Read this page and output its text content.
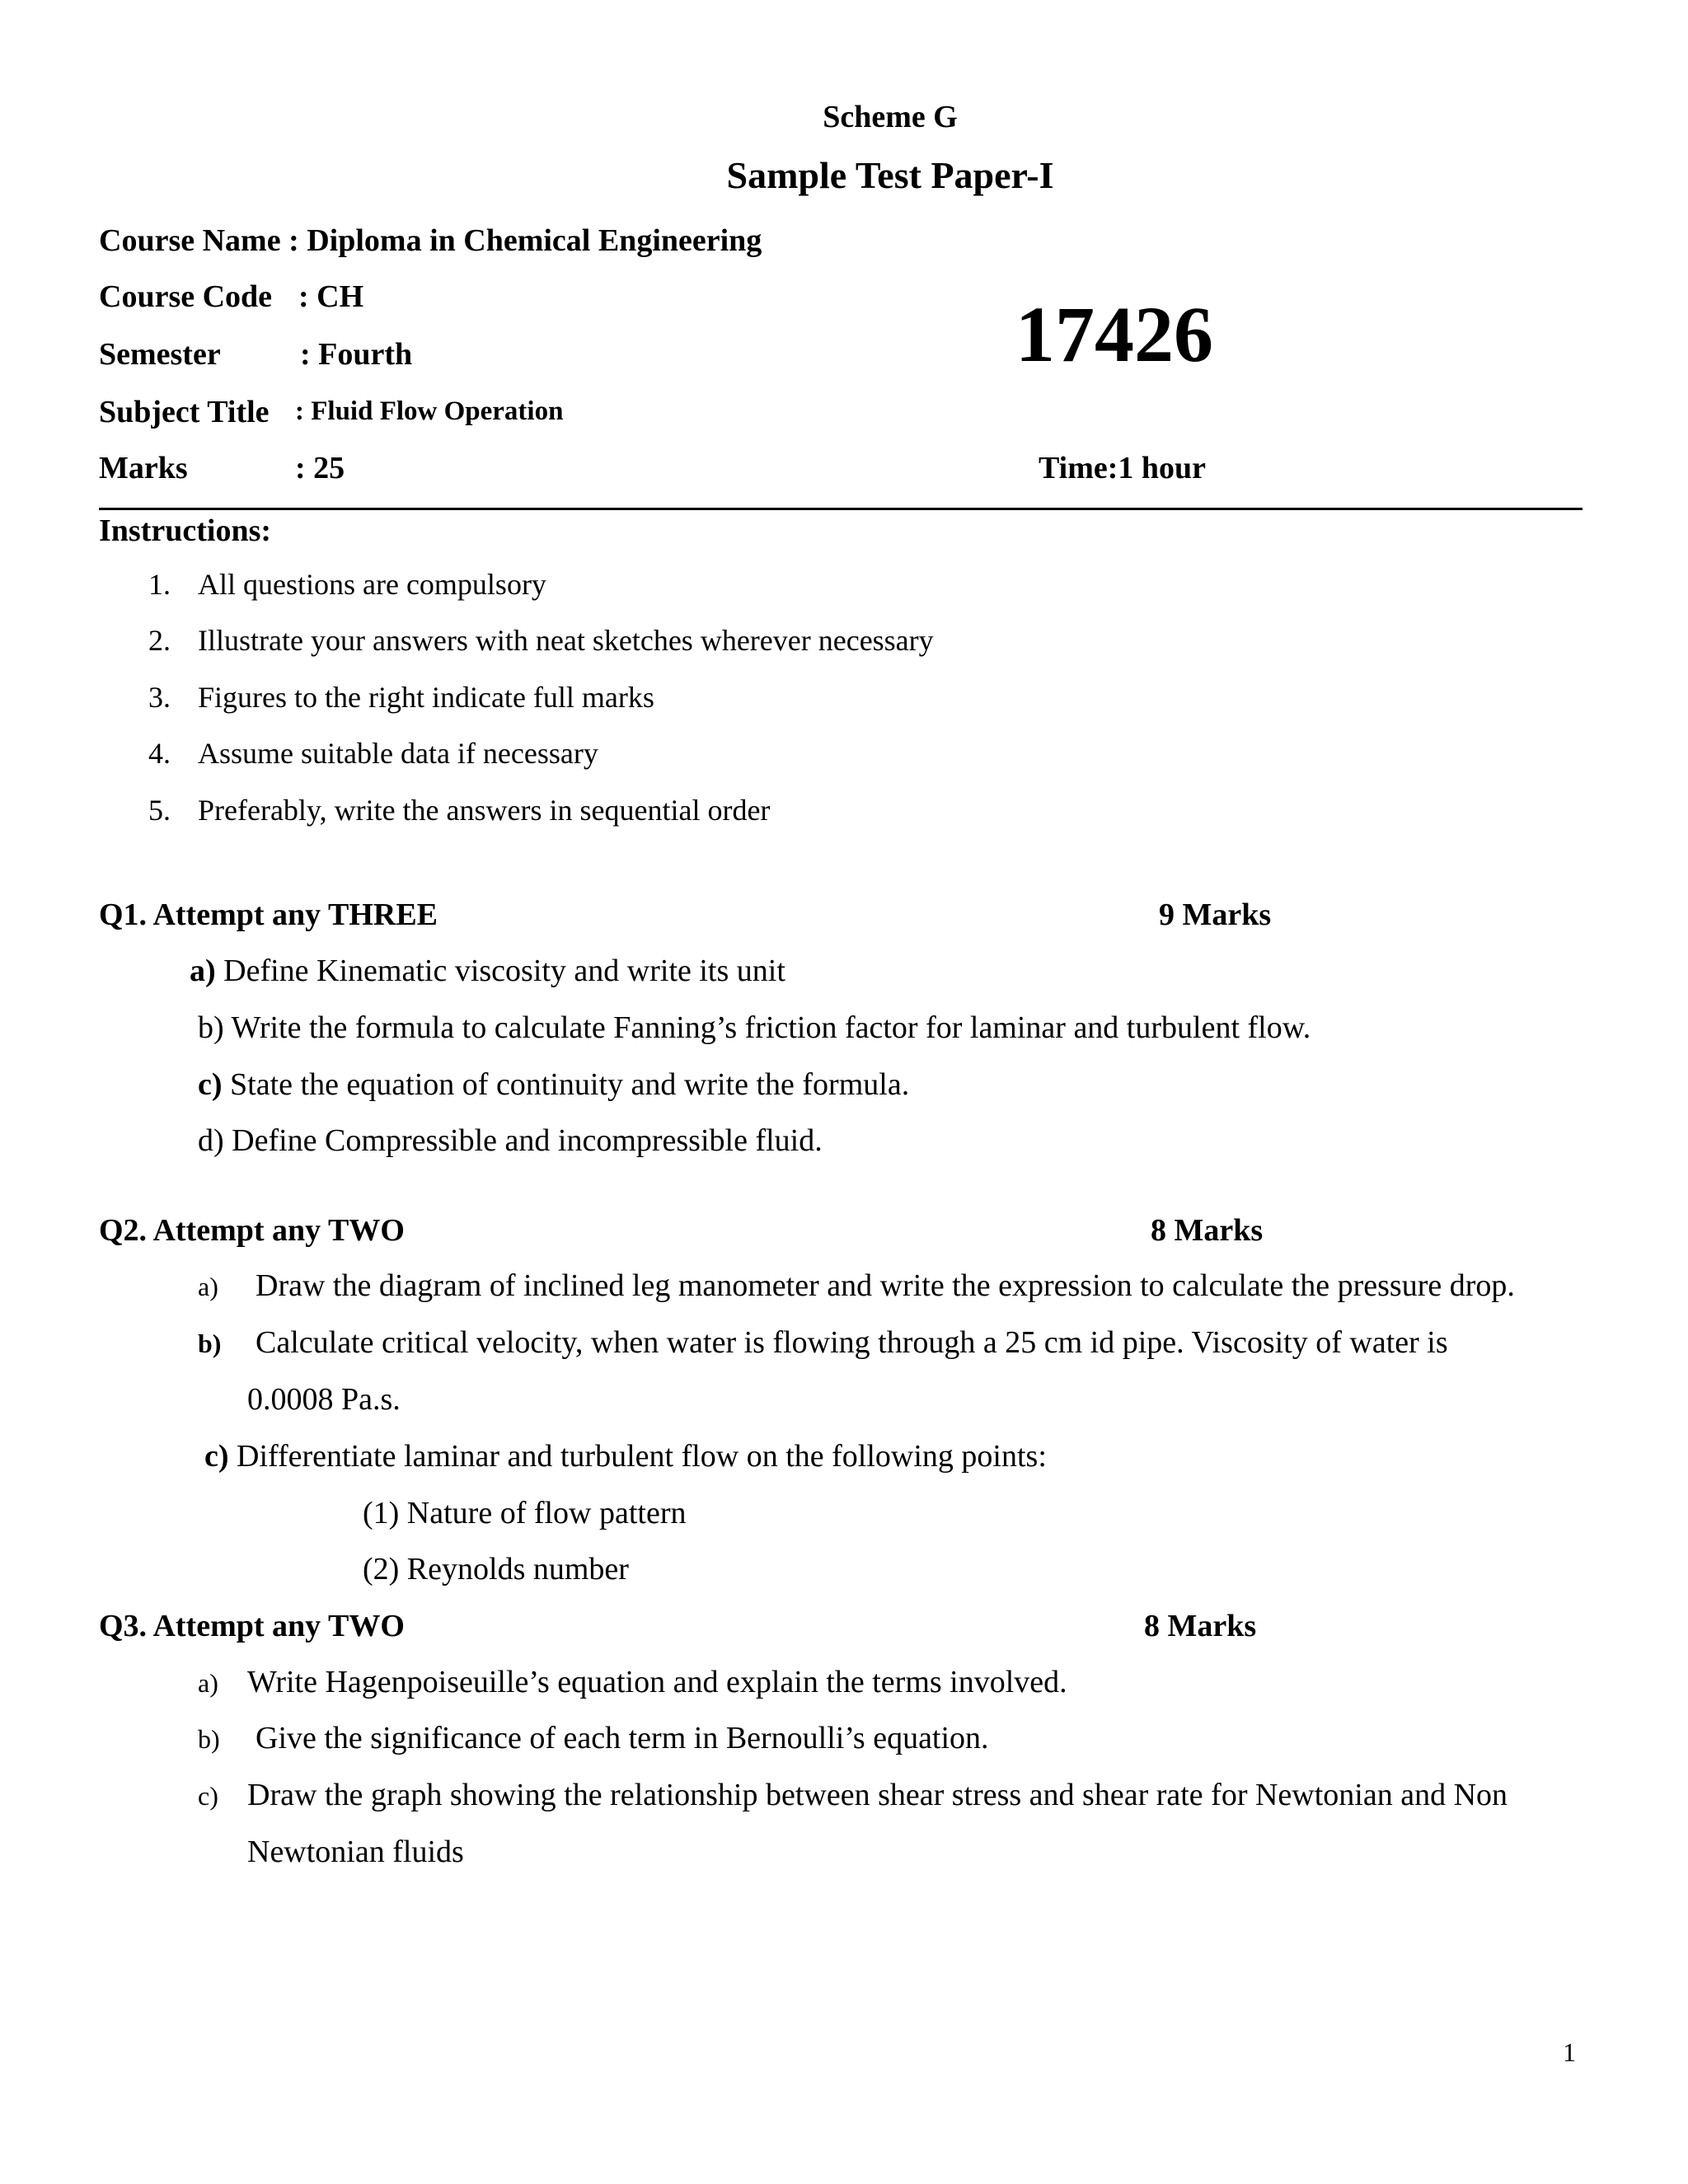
Scheme G
Sample Test Paper-I
Course Name : Diploma in Chemical Engineering
Course Code : CH
Semester	: Fourth
Subject Title : Fluid Flow Operation
Marks	: 25
17426
Time:1 hour
Instructions:
1. All questions are compulsory
2. Illustrate your answers with neat sketches wherever necessary
3. Figures to the right indicate full marks
4. Assume suitable data if necessary
5. Preferably, write the answers in sequential order
Q1. Attempt any THREE	9 Marks
a) Define Kinematic viscosity and write its unit
b) Write the formula to calculate Fanning’s friction factor for laminar and turbulent flow.
c) State the equation of continuity and write the formula.
d) Define Compressible and incompressible fluid.
Q2. Attempt any TWO	8 Marks
a) Draw the diagram of inclined leg manometer and write the expression to calculate the pressure drop.
b) Calculate critical velocity, when water is flowing through a 25 cm id pipe. Viscosity of water is
0.0008 Pa.s.
c) Differentiate laminar and turbulent flow on the following points:
(1) Nature of flow pattern
(2) Reynolds number
Q3. Attempt any TWO	8 Marks
a) Write Hagenpoiseuille’s equation and explain the terms involved.
b) Give the significance of each term in Bernoulli’s equation.
c) Draw the graph showing the relationship between shear stress and shear rate for Newtonian and Non
Newtonian fluids
1
